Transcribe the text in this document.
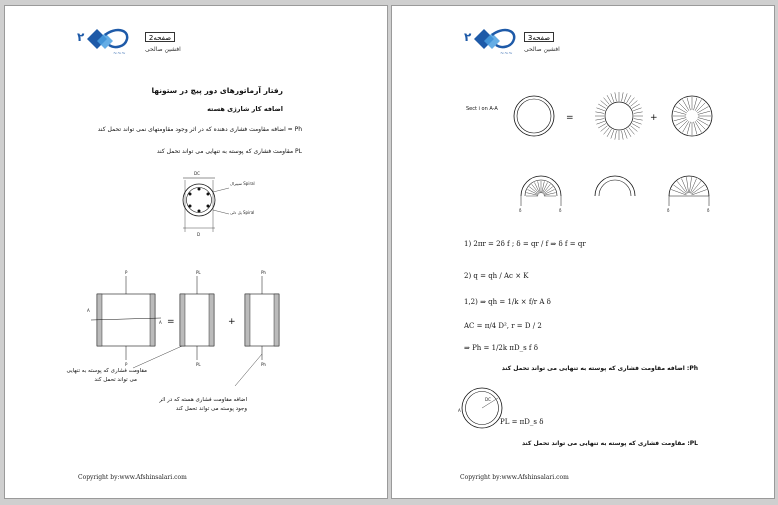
۲
~~~
صفحه2
افشین صالحی
رفتار آرماتورهای دور پیچ در ستونها
اضافه کار شارژی هسته
Ph = اضافه مقاومت فشاری دهنده که در اثر وجود مقاومتهای نمی تواند تحمل کند
PL مقاومت فشاری که پوسته به تنهایی می تواند تحمل کند
DC
سپیرال Spiral
پل دلی Spiral
D
P
P
A
A =
PL
PL
+
Ph
Ph
مقاومت فشاری که پوسته به تنهایی
می تواند تحمل کند
اضافه مقاومت فشاری هسته که در اثر
وجود پوسته می تواند تحمل کند
Copyright by:www.Afshinsalari.com
۲
~~~
صفحه3
افشین صالحی
Sect i on A-A
=	+
δ	δ	δ	δ
1) 2πr = 2δ f ; δ = qr / f ⇒ δ f = qr
2) q = qh / Ac × K
1,2) ⇒ qh = 1/k × f/r A δ
AC = π/4 D², r = D / 2
⇒ Ph = 1/2k πD_s f δ
Ph: اضافه مقاومت فشاری که پوسته به تنهایی می تواند تحمل کند
DC
A
PL = πD_s δ
PL: مقاومت فشاری که پوسته به تنهایی می تواند تحمل کند
Copyright by:www.Afshinsalari.com
